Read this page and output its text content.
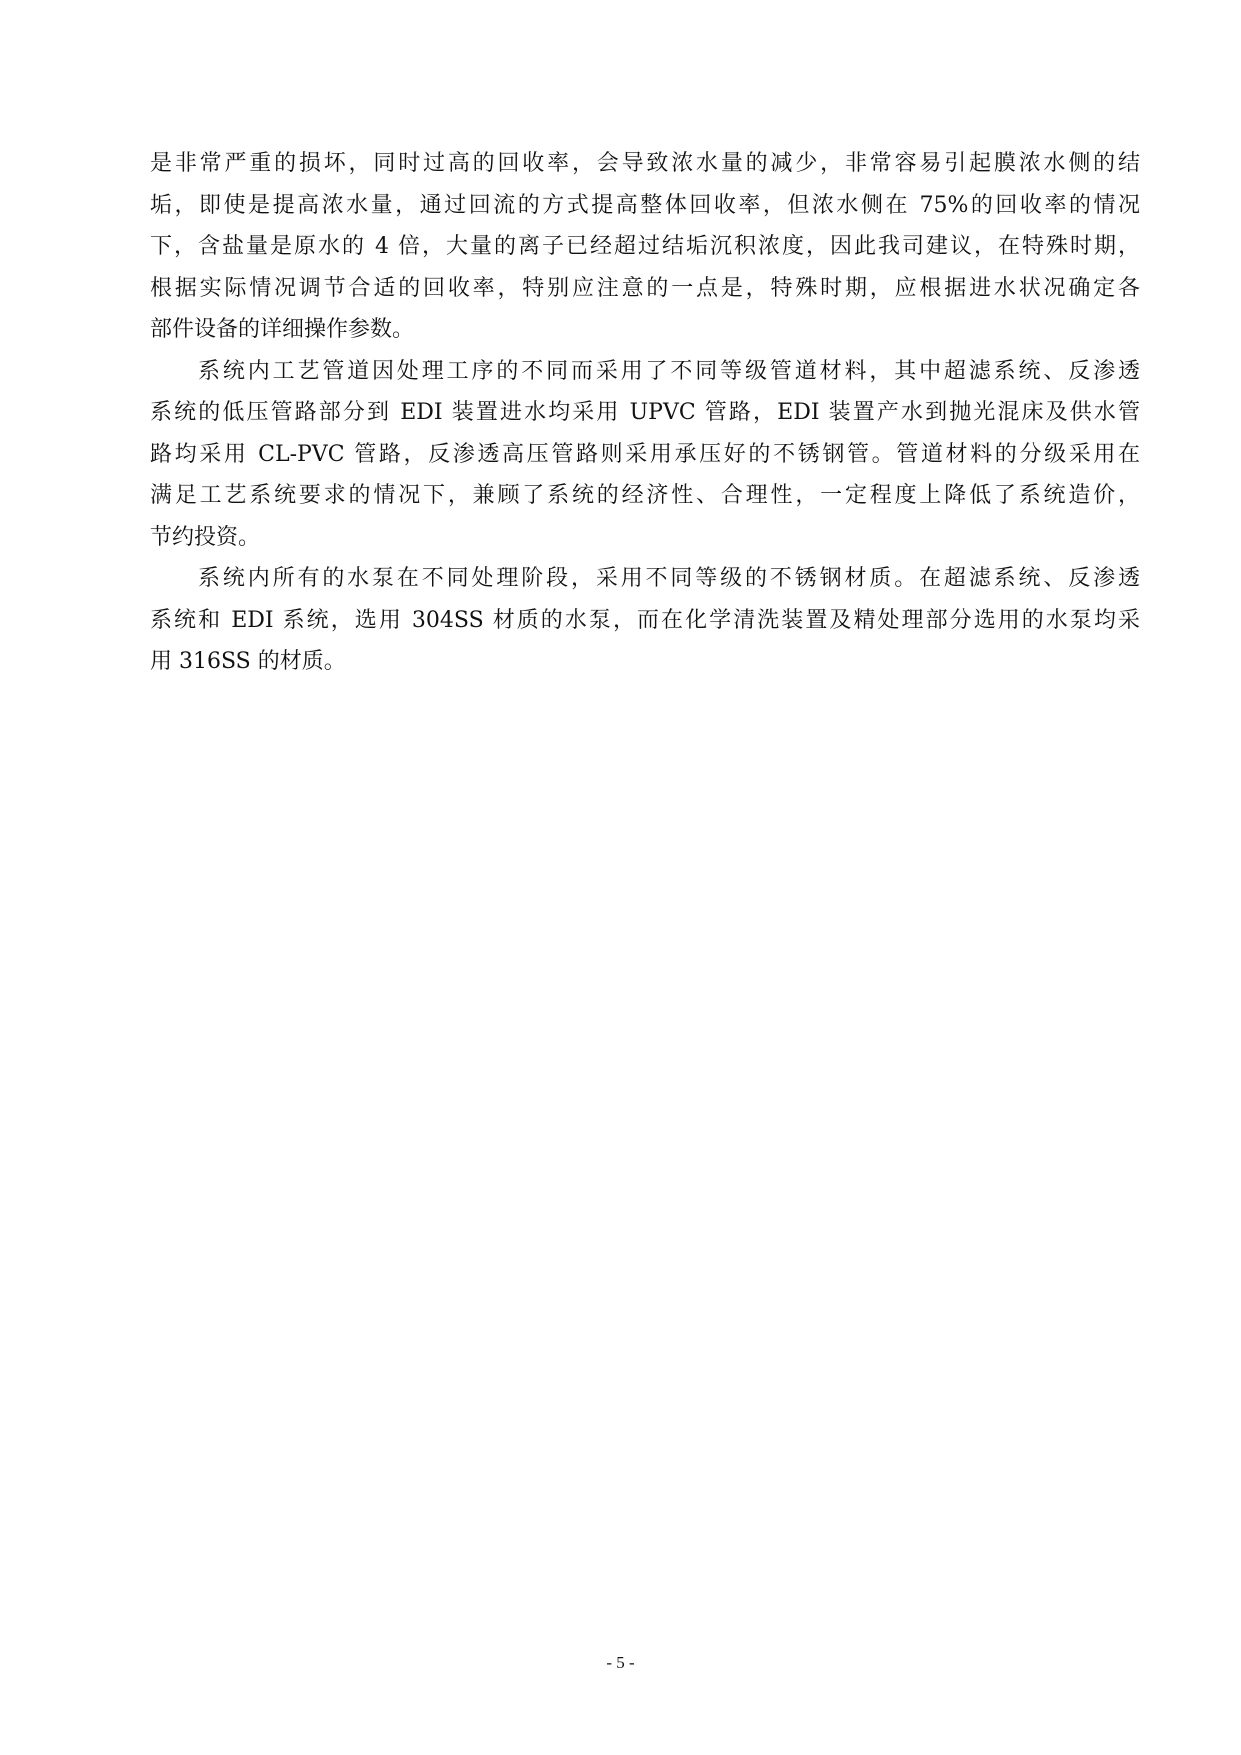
是非常严重的损坏，同时过高的回收率，会导致浓水量的减少，非常容易引起膜浓水侧的结
垢，即使是提高浓水量，通过回流的方式提高整体回收率，但浓水侧在 75%的回收率的情况
下，含盐量是原水的 4 倍，大量的离子已经超过结垢沉积浓度，因此我司建议，在特殊时期，
根据实际情况调节合适的回收率，特别应注意的一点是，特殊时期，应根据进水状况确定各
部件设备的详细操作参数。
系统内工艺管道因处理工序的不同而采用了不同等级管道材料，其中超滤系统、反渗透
系统的低压管路部分到 EDI 装置进水均采用 UPVC 管路，EDI 装置产水到抛光混床及供水管
路均采用 CL-PVC 管路，反渗透高压管路则采用承压好的不锈钢管。管道材料的分级采用在
满足工艺系统要求的情况下，兼顾了系统的经济性、合理性，一定程度上降低了系统造价，
节约投资。
系统内所有的水泵在不同处理阶段，采用不同等级的不锈钢材质。在超滤系统、反渗透
系统和 EDI 系统，选用 304SS 材质的水泵，而在化学清洗装置及精处理部分选用的水泵均采
用 316SS 的材质。
- 5 -
